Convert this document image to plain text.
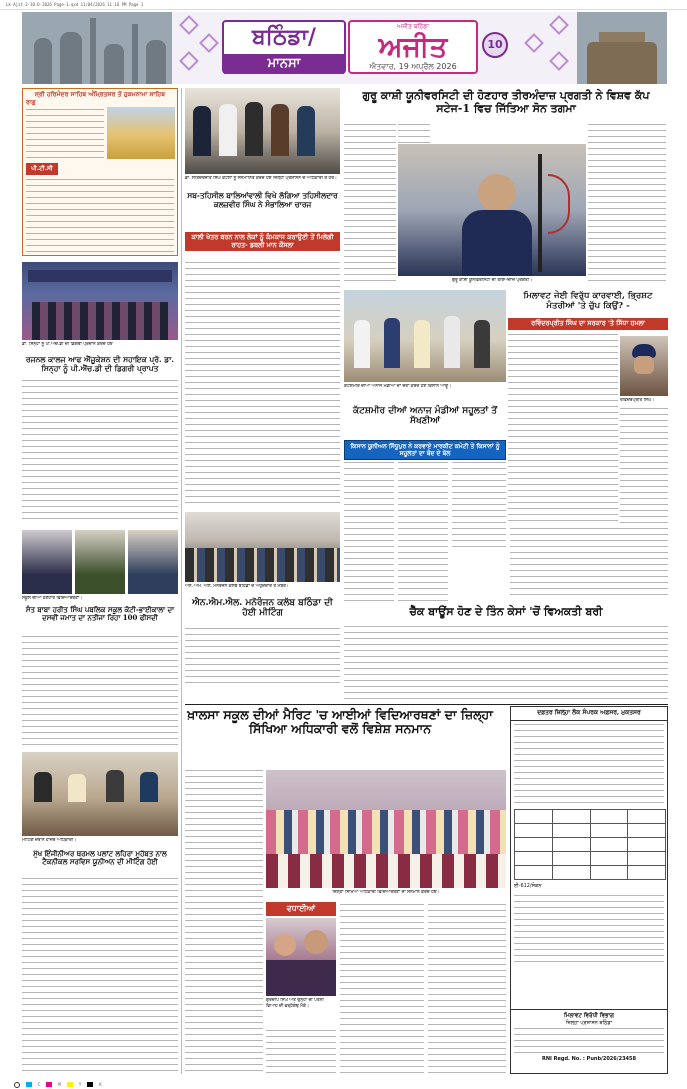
Lk-Ajit-2-10-D-2026 Page-1.qxd 11/04/2026 11:16 PM Page 1
ਬਠਿੰਡਾ/
ਮਾਨਸਾ
ਅਜੀਤ ਬਠਿੰਡਾ
ਅਜੀਤ
ਐਤਵਾਰ, 19 ਅਪ੍ਰੈਲ 2026
10
ਸ੍ਰੀ ਹਰਿਮੰਦਰ ਸਾਹਿਬ ਅੰਮ੍ਰਿਤਸਰ ਤੋਂ ਹੁਕਮਨਾਮਾ ਸਾਹਿਬ
ਰਾਗੁ
ਪੀ.ਟੀ.ਸੀ
ਡਾ. ਸਿਨ੍ਹਾ ਨੂੰ ਪੀ.ਐੱਚ.ਡੀ ਦੀ ਡਿਗਰੀ ਪ੍ਰਦਾਨ ਕਰਦੇ ਹੋਏ
ਰਜਨਲ ਕਾਲਜ ਆਫ ਐੱਜ਼ੂਕੇਸ਼ਨ ਦੀ ਸਹਾਇਕ ਪ੍ਰੋ. ਡਾ. ਸਿਨ੍ਹਾ ਨੂੰ ਪੀ.ਐੱਚ.ਡੀ ਦੀ ਡਿਗਰੀ ਪ੍ਰਾਪਤ
ਸਕੂਲ ਦੀਆਂ ਹੋਣਹਾਰ ਵਿਦਿਆਰਥਣਾਂ।
ਸੰਤ ਬਾਬਾ ਹਰੀਤ ਸਿੰਘ ਪਬਲਿਕ ਸਕੂਲ ਕੋਟੀ-ਭਾਈਕਾਲਾ ਦਾ ਦਸਵੀਂ ਜਮਾਤ ਦਾ ਨਤੀਜਾ ਰਿਹਾ 100 ਫੀਸਦੀ
ਮੀਟਿੰਗ ਦੌਰਾਨ ਹਾਜ਼ਰ ਅਧਿਕਾਰੀ।
ਮੁੱਖ ਇੰਜੀਨੀਅਰ ਥਰਮਲ ਪਲਾਂਟ ਲਹਿਰਾ ਮੁਹੱਬਤ ਨਾਲ ਟੈਕਨੀਕਲ ਸਰਵਿਸ ਯੂਨੀਅਨ ਦੀ ਮੀਟਿੰਗ ਹੋਈ
ਡਾ. ਸਤਿੰਦਰਜੀਤ ਸਿੰਘ ਕੋਟਲਾ ਨੂੰ ਸਨਮਾਨਿਤ ਕਰਦੇ ਹੋਏ ਜ਼ਿਲ੍ਹਾ ਪ੍ਰਸ਼ਾਸਨ ਦੇ ਅਧਿਕਾਰੀ ਤੇ ਹੋਰ।
ਸਬ-ਤਹਿਸੀਲ ਬਾਲਿਆਂਵਾਲੀ ਵਿਖੇ ਲੱਗਿਆ ਤਹਿਸੀਲਦਾਰ ਕਲਜ਼ਵੀਰ ਸਿੰਘ ਨੇ ਸੰਭਾਲਿਆ ਚਾਰਜ
ਕਾਲੀ ਖੇਤਰ ਬਰਨ ਨਾਲ ਲੋਕਾਂ ਨੂੰ ਕੰਮਕਾਜ ਕਰਾਉਣੀ ਤੋਂ ਮਿਲੇਗੀ ਰਾਹਤ- ਡਬਲੀ ਮਾਨ ਕੌਂਸਲਾ
ਐਨ. ਐਮ. ਐਲ. ਮਨੋਰੰਜਨ ਕਲੱਬ ਬਠਿੰਡਾ ਦੇ ਅਹੁਦੇਦਾਰ ਤੇ ਮੈਂਬਰ।
ਗੁਰੂ ਕਾਸ਼ੀ ਯੂਨੀਵਰਸਿਟੀ ਦੀ ਹੋਣਹਾਰ ਤੀਰਅੰਦਾਜ਼ ਪ੍ਰਗਤੀ ਨੇ ਵਿਸ਼ਵ ਕੱਪ ਸਟੇਜ-1 ਵਿਚ ਜਿੱਤਿਆ ਸੋਨ ਤਗਮਾ
ਗੁਰੂ ਕਾਸ਼ੀ ਯੂਨੀਵਰਸਿਟੀ ਦੀ ਤੀਰਅੰਦਾਜ਼ ਪ੍ਰਗਤੀ।
ਮਿਲਾਵਟ ਜੇਈ ਵਿਰੁੱਧ ਕਾਰਵਾਈ, ਭ੍ਰਿਸ਼ਟ ਮੰਤਰੀਆਂ 'ਤੇ ਚੁੱਪ ਕਿਉਂ? -
ਰਵਿੰਦਰਪ੍ਰੀਤ ਸਿੰਘ ਦਾ ਸਰਕਾਰ 'ਤੇ ਸਿੱਧਾ ਹਮਲਾ
ਰਵਿੰਦਰਪ੍ਰੀਤ ਸਿੰਘ।
ਕੱਟਸ਼ਮੀਰ ਦੀਆਂ ਅਨਾਜ ਮੰਡੀਆਂ ਦਾ ਦੌਰਾ ਕਰਦੇ ਹੋਏ ਕਿਸਾਨ ਆਗੂ।
ਕੱਟਸ਼ਮੀਰ ਦੀਆਂ ਅਨਾਜ ਮੰਡੀਆਂ ਸਹੂਲਤਾਂ ਤੋਂ ਸੱਖਣੀਆਂ
ਕਿਸਾਨ ਯੂਨੀਅਨ ਸਿੱਧੂਪੁਰ ਨੇ ਕਰਵਾਏ ਮਾਰਕੀਟ ਕਮੇਟੀ ਤੇ ਕਿਸਾਨਾਂ ਨੂੰ ਸਹੂਲਤਾਂ ਦਾ ਬੰਦ ਦੇ ਬੋਲ
ਐਨ.ਐਮ.ਐਲ. ਮਨੋਰੰਜਨ ਕਲੱਬ ਬਠਿੰਡਾ ਦੀ ਹੋਈ ਮੀਟਿੰਗ	ਚੈੱਕ ਬਾਊਂਸ ਹੋਣ ਦੇ ਤਿੰਨ ਕੇਸਾਂ 'ਚੋਂ ਵਿਅਕਤੀ ਬਰੀ
ਖ਼ਾਲਸਾ ਸਕੂਲ ਦੀਆਂ ਮੈਰਿਟ 'ਚ ਆਈਆਂ ਵਿਦਿਆਰਥਣਾਂ ਦਾ ਜ਼ਿਲ੍ਹਾ ਸਿੱਖਿਆ ਅਧਿਕਾਰੀ ਵਲੋਂ ਵਿਸ਼ੇਸ਼ ਸਨਮਾਨ
ਜ਼ਿਲ੍ਹਾ ਸਿੱਖਿਆ ਅਧਿਕਾਰੀ ਵਿਦਿਆਰਥਣਾਂ ਦਾ ਸਨਮਾਨ ਕਰਦੇ ਹੋਏ।
ਵਧਾਈਆਂ
ਗੁਰਦੀਪ ਸਿੰਘ ਅਤੇ ਉਨ੍ਹਾਂ ਦੀ ਪਤਨੀ ਵਿਆਹ ਦੀ ਵਰ੍ਹੇਗੰਢ ਮੌਕੇ।
ਦਫ਼ਤਰ ਜ਼ਿਲ੍ਹਾ ਲੋਕ ਸੰਪਰਕ ਅਫ਼ਸਰ, ਮੁਕਤਸਰ

ਈ-612/ਸੋਕਨ
ਮਿਲਾਵਟ ਵਿਰੋਧੀ ਵਿਭਾਗ
ਜ਼ਿਲ੍ਹਾ ਪ੍ਰਸ਼ਾਸਨ ਬਠਿੰਡਾ
RNI Regd. No. : Punb/2026/23458
C	M	Y	K
